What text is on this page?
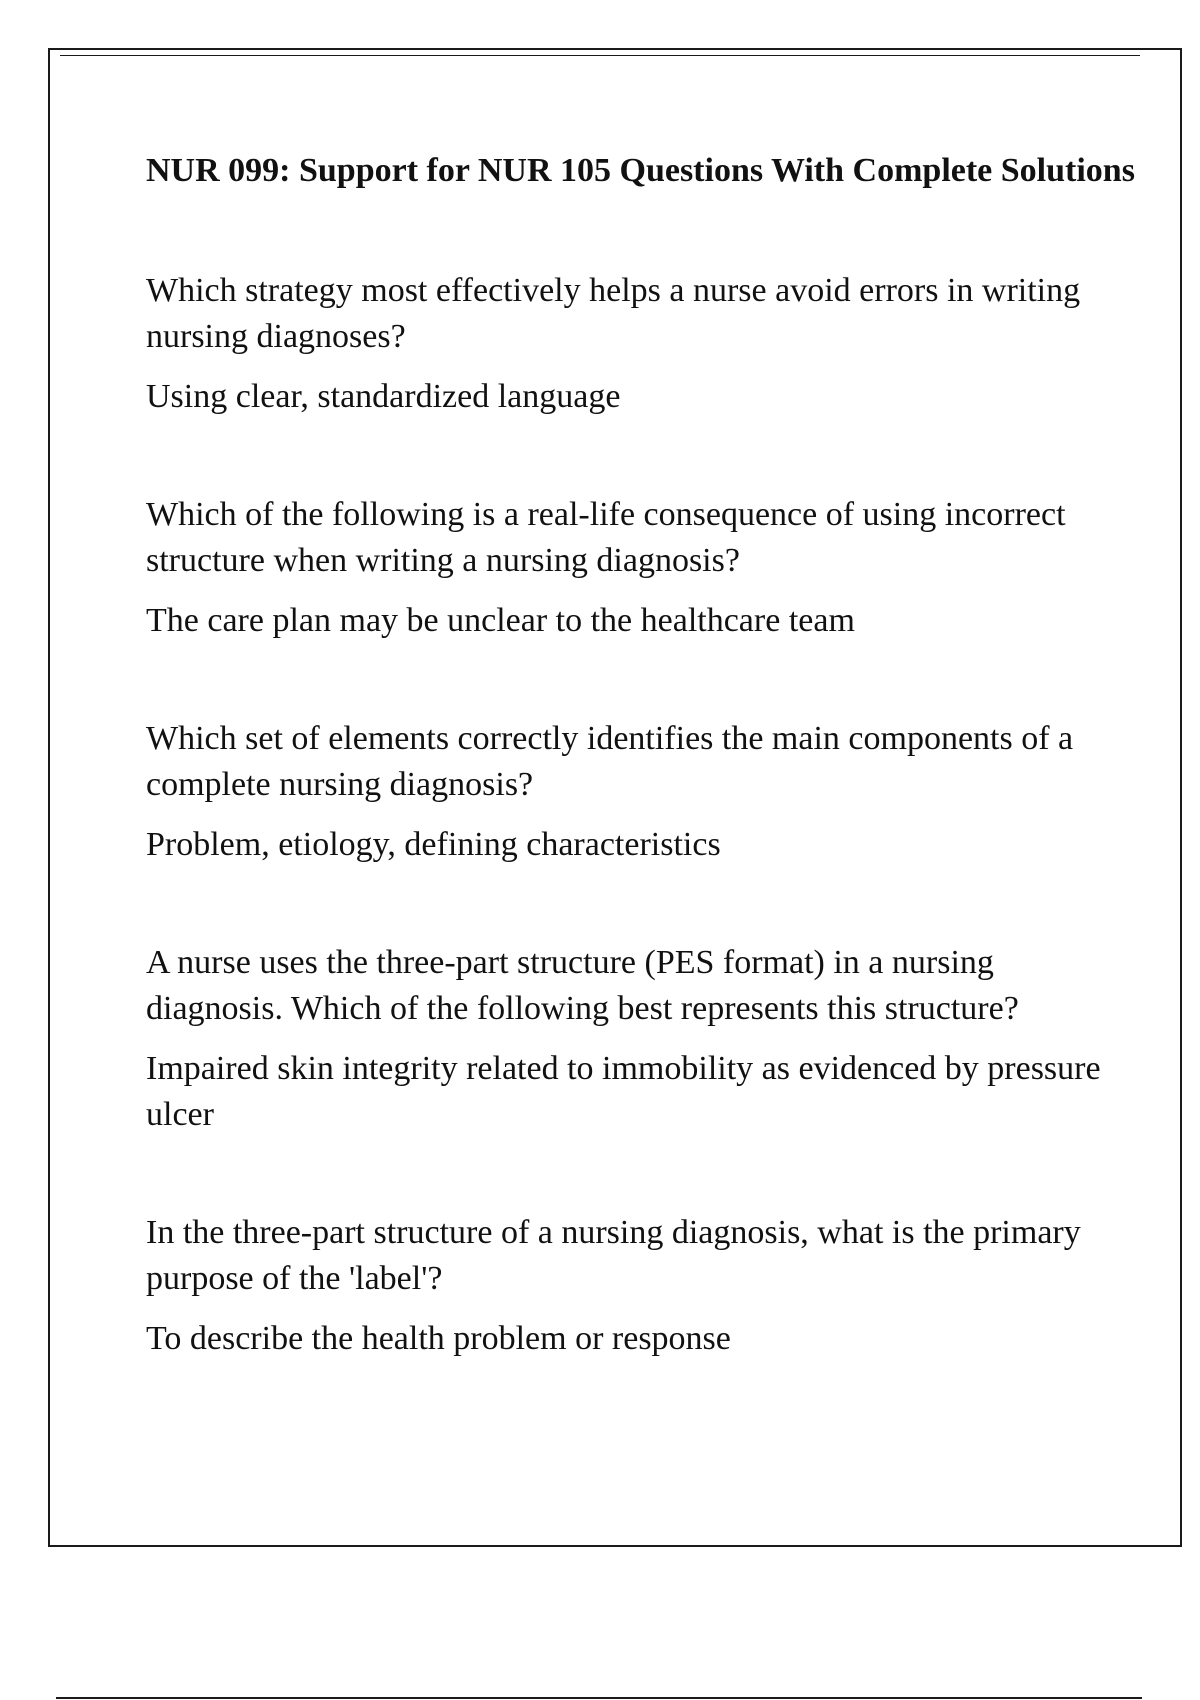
NUR 099: Support for NUR 105 Questions With Complete Solutions

Which strategy most effectively helps a nurse avoid errors in writing nursing diagnoses?

Using clear, standardized language

Which of the following is a real-life consequence of using incorrect structure when writing a nursing diagnosis?

The care plan may be unclear to the healthcare team

Which set of elements correctly identifies the main components of a complete nursing diagnosis?

Problem, etiology, defining characteristics

A nurse uses the three-part structure (PES format) in a nursing diagnosis. Which of the following best represents this structure?

Impaired skin integrity related to immobility as evidenced by pressure ulcer

In the three-part structure of a nursing diagnosis, what is the primary purpose of the 'label'?

To describe the health problem or response
